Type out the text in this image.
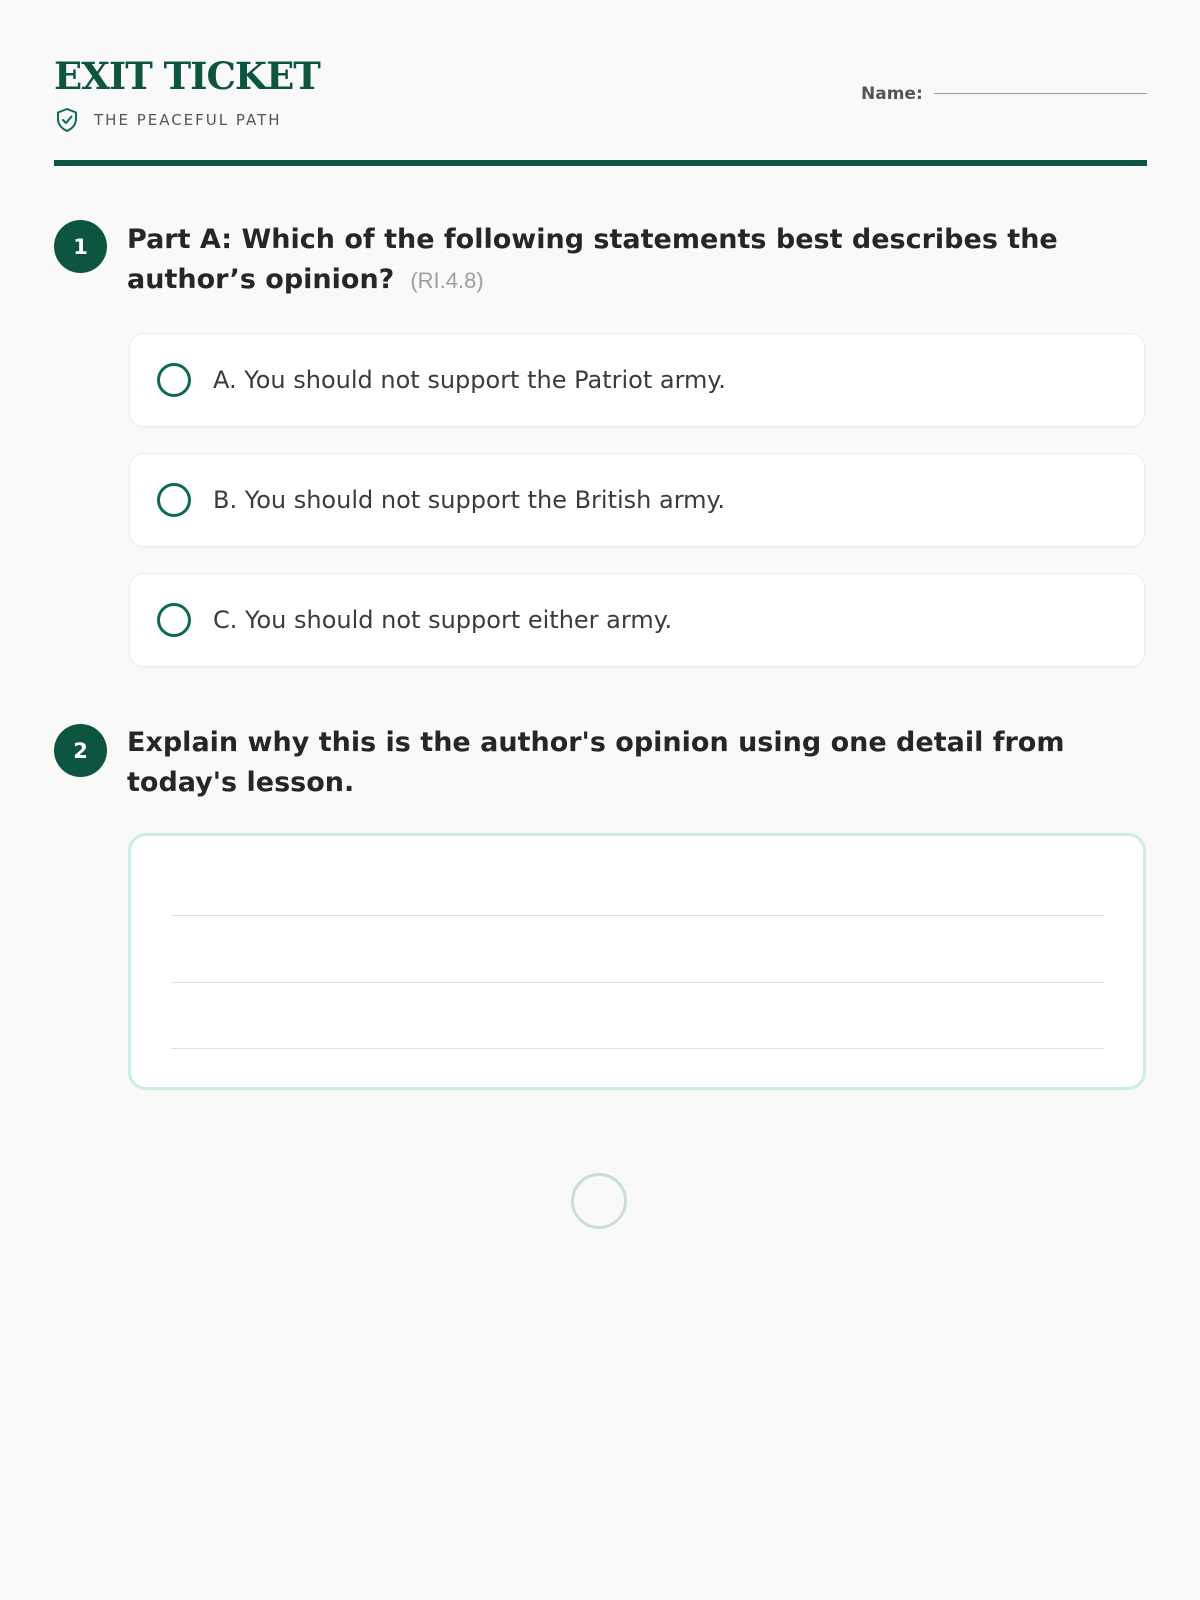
EXIT TICKET
THE PEACEFUL PATH
Name:
1	Part A: Which of the following statements best describes the author’s opinion? (RI.4.8)
A. You should not support the Patriot army.
B. You should not support the British army.
C. You should not support either army.
2	Explain why this is the author's opinion using one detail from today's lesson.
